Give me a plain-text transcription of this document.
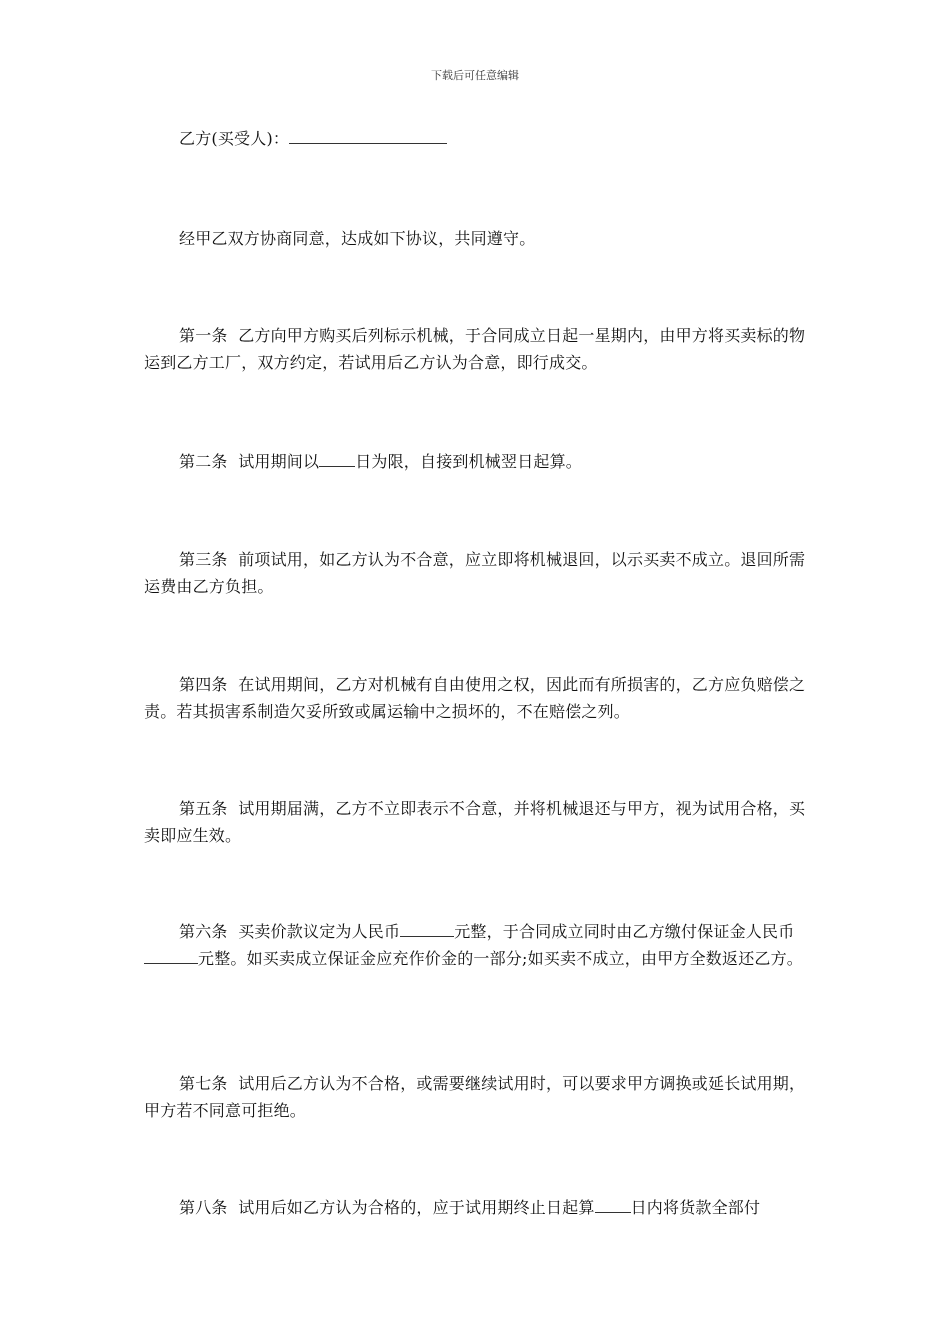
下载后可任意编辑

乙方(买受人)：

经甲乙双方协商同意，达成如下协议，共同遵守。

第一条 乙方向甲方购买后列标示机械，于合同成立日起一星期内，由甲方将买卖标的物运到乙方工厂，双方约定，若试用后乙方认为合意，即行成交。

第二条 试用期间以 日为限，自接到机械翌日起算。

第三条 前项试用，如乙方认为不合意，应立即将机械退回，以示买卖不成立。退回所需运费由乙方负担。

第四条 在试用期间，乙方对机械有自由使用之权，因此而有所损害的，乙方应负赔偿之责。若其损害系制造欠妥所致或属运输中之损坏的，不在赔偿之列。

第五条 试用期届满，乙方不立即表示不合意，并将机械退还与甲方，视为试用合格，买卖即应生效。

第六条 买卖价款议定为人民币	元整，于合同成立同时由乙方缴付保证金人民币元整。如买卖成立保证金应充作价金的一部分;如买卖不成立，由甲方全数返还乙方。

第七条 试用后乙方认为不合格，或需要继续试用时，可以要求甲方调换或延长试用期，甲方若不同意可拒绝。

第八条 试用后如乙方认为合格的，应于试用期终止日起算 日内将货款全部付
